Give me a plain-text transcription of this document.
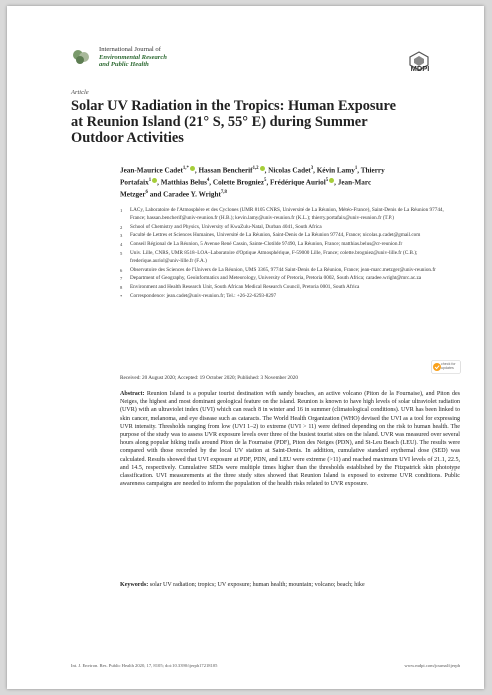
International Journal of
Environmental Research
and Public Health	MDPI
Article
Solar UV Radiation in the Tropics: Human Exposure at Reunion Island (21° S, 55° E) during Summer Outdoor Activities
Jean-Maurice Cadet$^{1,*}$ , Hassan Bencherif$^{1,2}$ , Nicolas Cadet$^3$, Kévin Lamy$^1$, Thierry Portafaix$^1$ , Matthias Belus$^4$, Colette Brogniez$^5$, Frédérique Auriol$^5$ , Jean-Marc Metzger$^6$ and Caradee Y. Wright$^{7,8}$
1 LACy, Laboratoire de l'Atmosphère et des Cyclones (UMR 8105 CNRS, Université de La Réunion, Météo-France), Saint-Denis de La Réunion 97744, France; hassan.bencherif@univ-reunion.fr (H.B.); kevin.lamy@univ-reunion.fr (K.L.); thierry.portafaix@univ-reunion.fr (T.P.)
2 School of Chemistry and Physics, University of KwaZulu-Natal, Durban 4041, South Africa
3 Faculté de Lettres et Sciences Humaines, Université de La Réunion, Saint-Denis de La Réunion 97744, France; nicolas.p.cadet@gmail.com
4 Conseil Régional de La Réunion, 5 Avenue René Cassin, Sainte-Clotilde 97490, La Réunion, France; matthias.belus@cr-reunion.fr
5 Univ. Lille, CNRS, UMR 8518–LOA–Laboratoire d'Optique Atmosphérique, F-59000 Lille, France; colette.brogniez@univ-lille.fr (C.B.); frederique.auriol@univ-lille.fr (F.A.)
6 Observatoire des Sciences de l'Univers de La Réunion, UMS 3365, 97744 Saint-Denis de La Réunion, France; jean-marc.metzger@univ-reunion.fr
7 Department of Geography, Geoinformatics and Meteorology, University of Pretoria, Pretoria 0002, South Africa; caradee.wright@mrc.ac.za
8 Environment and Health Research Unit, South African Medical Research Council, Pretoria 0001, South Africa
* Correspondence: jean.cadet@univ-reunion.fr; Tel.: +26-22-6293-8297
Received: 20 August 2020; Accepted: 19 October 2020; Published: 3 November 2020
check for
updates
Abstract: Reunion Island is a popular tourist destination with sandy beaches, an active volcano (Piton de la Fournaise), and Piton des Neiges, the highest and most dominant geological feature on the island. Reunion is known to have high levels of solar ultraviolet radiation (UVR) with an ultraviolet index (UVI) which can reach 8 in winter and 16 in summer (climatological conditions). UVR has been linked to skin cancer, melanoma, and eye disease such as cataracts. The World Health Organization (WHO) devised the UVI as a tool for expressing UVR intensity. Thresholds ranging from low (UVI 1–2) to extreme (UVI > 11) were defined depending on the risk to human health. The purpose of the study was to assess UVR exposure levels over three of the busiest tourist sites on the island. UVR was measured over several hours along popular hiking trails around Piton de la Fournaise (PDF), Piton des Neiges (PDN), and St-Leu Beach (LEU). The results were compared with those recorded by the local UV station at Saint-Denis. In addition, cumulative standard erythemal dose (SED) was calculated. Results showed that UVI exposure at PDF, PDN, and LEU were extreme (>11) and reached maximum UVI levels of 21.1, 22.5, and 14.5, respectively. Cumulative SEDs were multiple times higher than the thresholds established by the Fitzpatrick skin phototype classification. UVI measurements at the three study sites showed that Reunion Island is exposed to extreme UVR conditions. Public awareness campaigns are needed to inform the population of the health risks related to UVR exposure.
Keywords: solar UV radiation; tropics; UV exposure; human health; mountain; volcano; beach; hike
Int. J. Environ. Res. Public Health 2020, 17, 8105; doi:10.3390/ijerph17218105	www.mdpi.com/journal/ijerph
